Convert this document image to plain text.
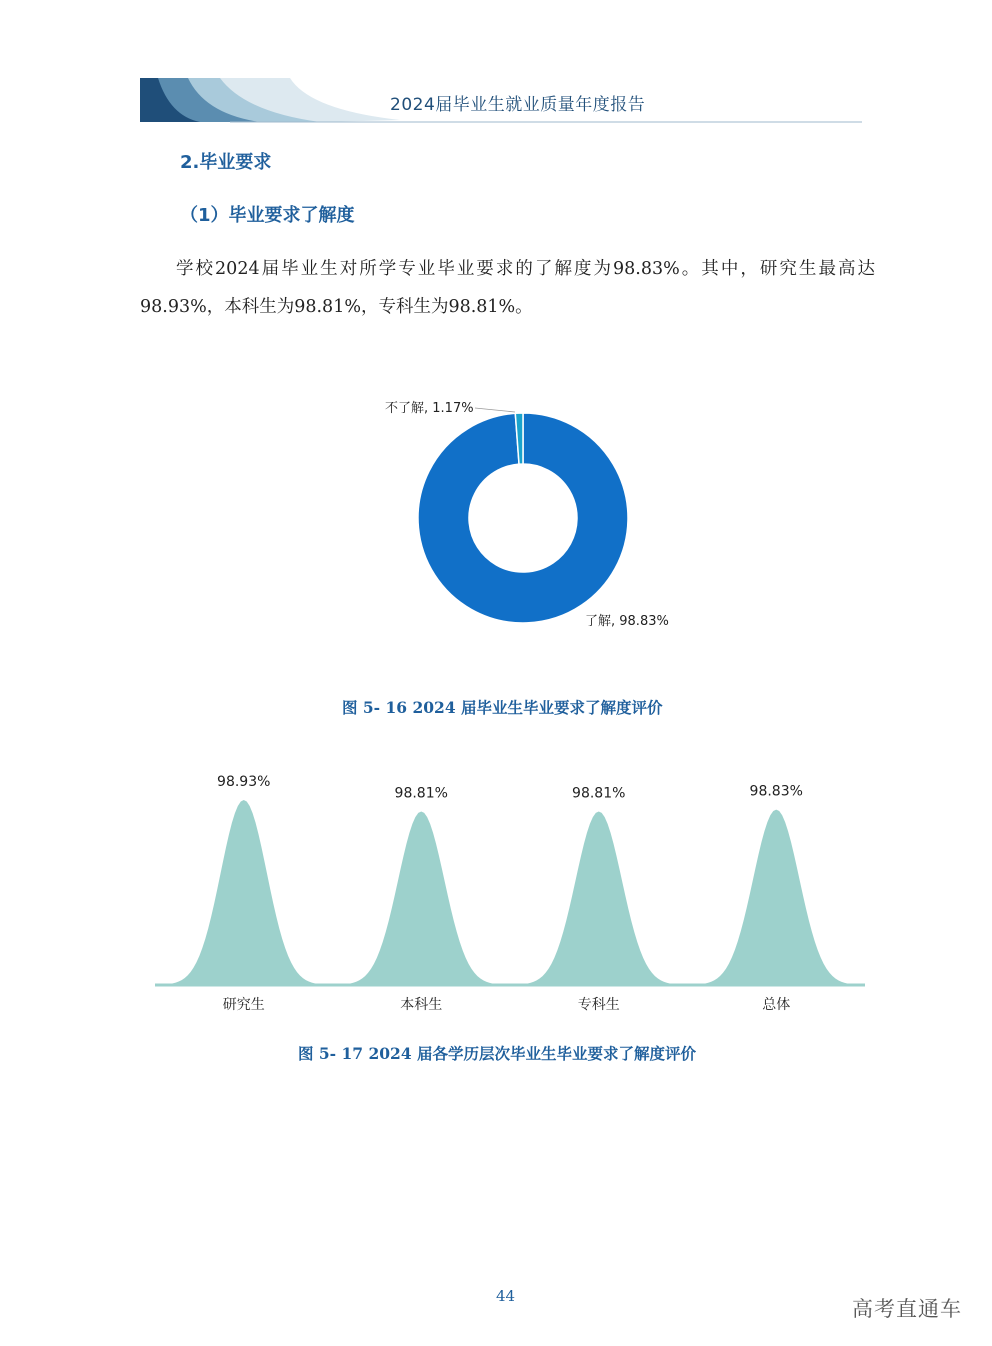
2024届毕业生就业质量年度报告
2.毕业要求
（1）毕业要求了解度

学校2024届毕业生对所学专业毕业要求的了解度为98.83%。其中，研究生最高达98.93%，本科生为98.81%，专科生为98.81%。

不了解, 1.17%
了解, 98.83%
图 5- 16 2024 届毕业生毕业要求了解度评价
98.93%
研究生
98.81%
本科生
98.81%
专科生
98.83%
总体
图 5- 17 2024 届各学历层次毕业生毕业要求了解度评价
44
高考直通车
